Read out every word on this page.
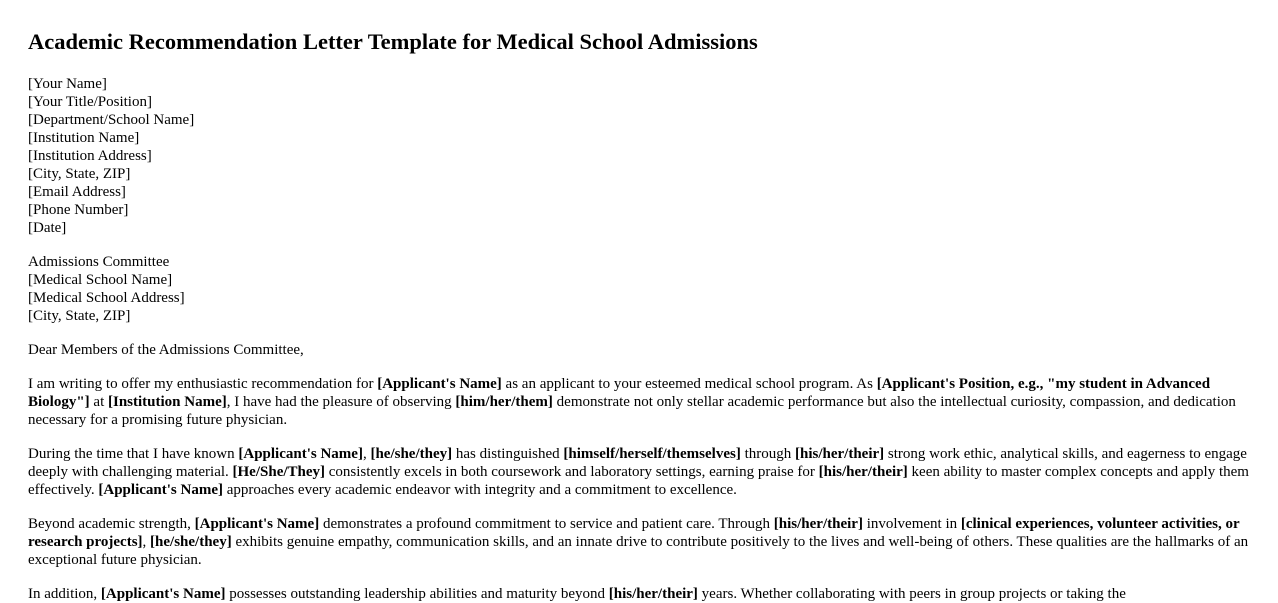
Academic Recommendation Letter Template for Medical School Admissions
[Your Name]
[Your Title/Position]
[Department/School Name]
[Institution Name]
[Institution Address]
[City, State, ZIP]
[Email Address]
[Phone Number]
[Date]
Admissions Committee
[Medical School Name]
[Medical School Address]
[City, State, ZIP]

Dear Members of the Admissions Committee,

I am writing to offer my enthusiastic recommendation for [Applicant's Name] as an applicant to your esteemed medical school program. As [Applicant's Position, e.g., "my student in Advanced Biology"] at [Institution Name], I have had the pleasure of observing [him/her/them] demonstrate not only stellar academic performance but also the intellectual curiosity, compassion, and dedication necessary for a promising future physician.

During the time that I have known [Applicant's Name], [he/she/they] has distinguished [himself/herself/themselves] through [his/her/their] strong work ethic, analytical skills, and eagerness to engage deeply with challenging material. [He/She/They] consistently excels in both coursework and laboratory settings, earning praise for [his/her/their] keen ability to master complex concepts and apply them effectively. [Applicant's Name] approaches every academic endeavor with integrity and a commitment to excellence.

Beyond academic strength, [Applicant's Name] demonstrates a profound commitment to service and patient care. Through [his/her/their] involvement in [clinical experiences, volunteer activities, or research projects], [he/she/they] exhibits genuine empathy, communication skills, and an innate drive to contribute positively to the lives and well-being of others. These qualities are the hallmarks of an exceptional future physician.

In addition, [Applicant's Name] possesses outstanding leadership abilities and maturity beyond [his/her/their] years. Whether collaborating with peers in group projects or taking the
